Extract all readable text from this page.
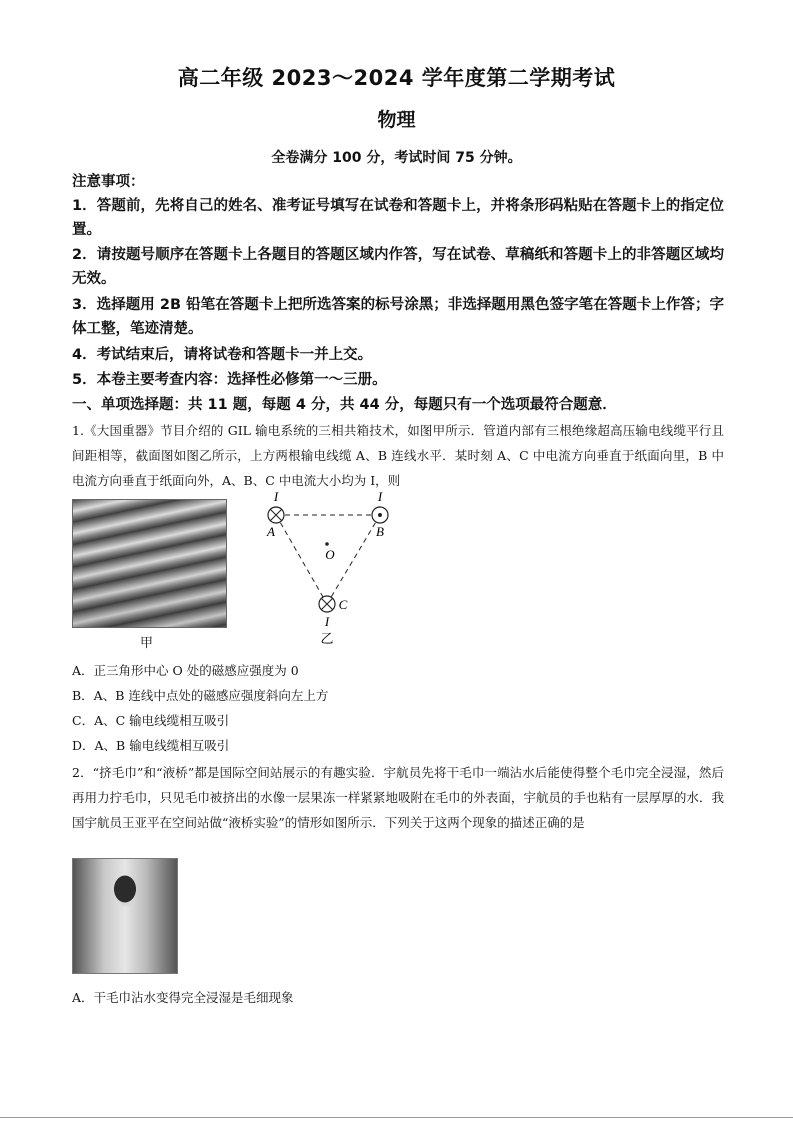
高二年级 2023～2024 学年度第二学期考试
物理
全卷满分 100 分，考试时间 75 分钟。
注意事项：
1．答题前，先将自己的姓名、准考证号填写在试卷和答题卡上，并将条形码粘贴在答题卡上的指定位置。
2．请按题号顺序在答题卡上各题目的答题区域内作答，写在试卷、草稿纸和答题卡上的非答题区域均无效。
3．选择题用 2B 铅笔在答题卡上把所选答案的标号涂黑；非选择题用黑色签字笔在答题卡上作答；字体工整，笔迹清楚。
4．考试结束后，请将试卷和答题卡一并上交。
5．本卷主要考查内容：选择性必修第一～三册。
一、单项选择题：共 11 题，每题 4 分，共 44 分，每题只有一个选项最符合题意．
1.《大国重器》节目介绍的 GIL 输电系统的三相共箱技术，如图甲所示．管道内部有三根绝缘超高压输电线缆平行且间距相等，截面图如图乙所示，上方两根输电线缆 A、B 连线水平．某时刻 A、C 中电流方向垂直于纸面向里，B 中电流方向垂直于纸面向外，A、B、C 中电流大小均为 I，则
甲
I	I
A	B
O
C
I
乙
A．正三角形中心 O 处的磁感应强度为 0
B．A、B 连线中点处的磁感应强度斜向左上方
C．A、C 输电线缆相互吸引
D．A、B 输电线缆相互吸引
2．“挤毛巾”和“液桥”都是国际空间站展示的有趣实验．宇航员先将干毛巾一端沾水后能使得整个毛巾完全浸湿，然后再用力拧毛巾，只见毛巾被挤出的水像一层果冻一样紧紧地吸附在毛巾的外表面，宇航员的手也粘有一层厚厚的水．我国宇航员王亚平在空间站做“液桥实验”的情形如图所示．下列关于这两个现象的描述正确的是
A．干毛巾沾水变得完全浸湿是毛细现象
